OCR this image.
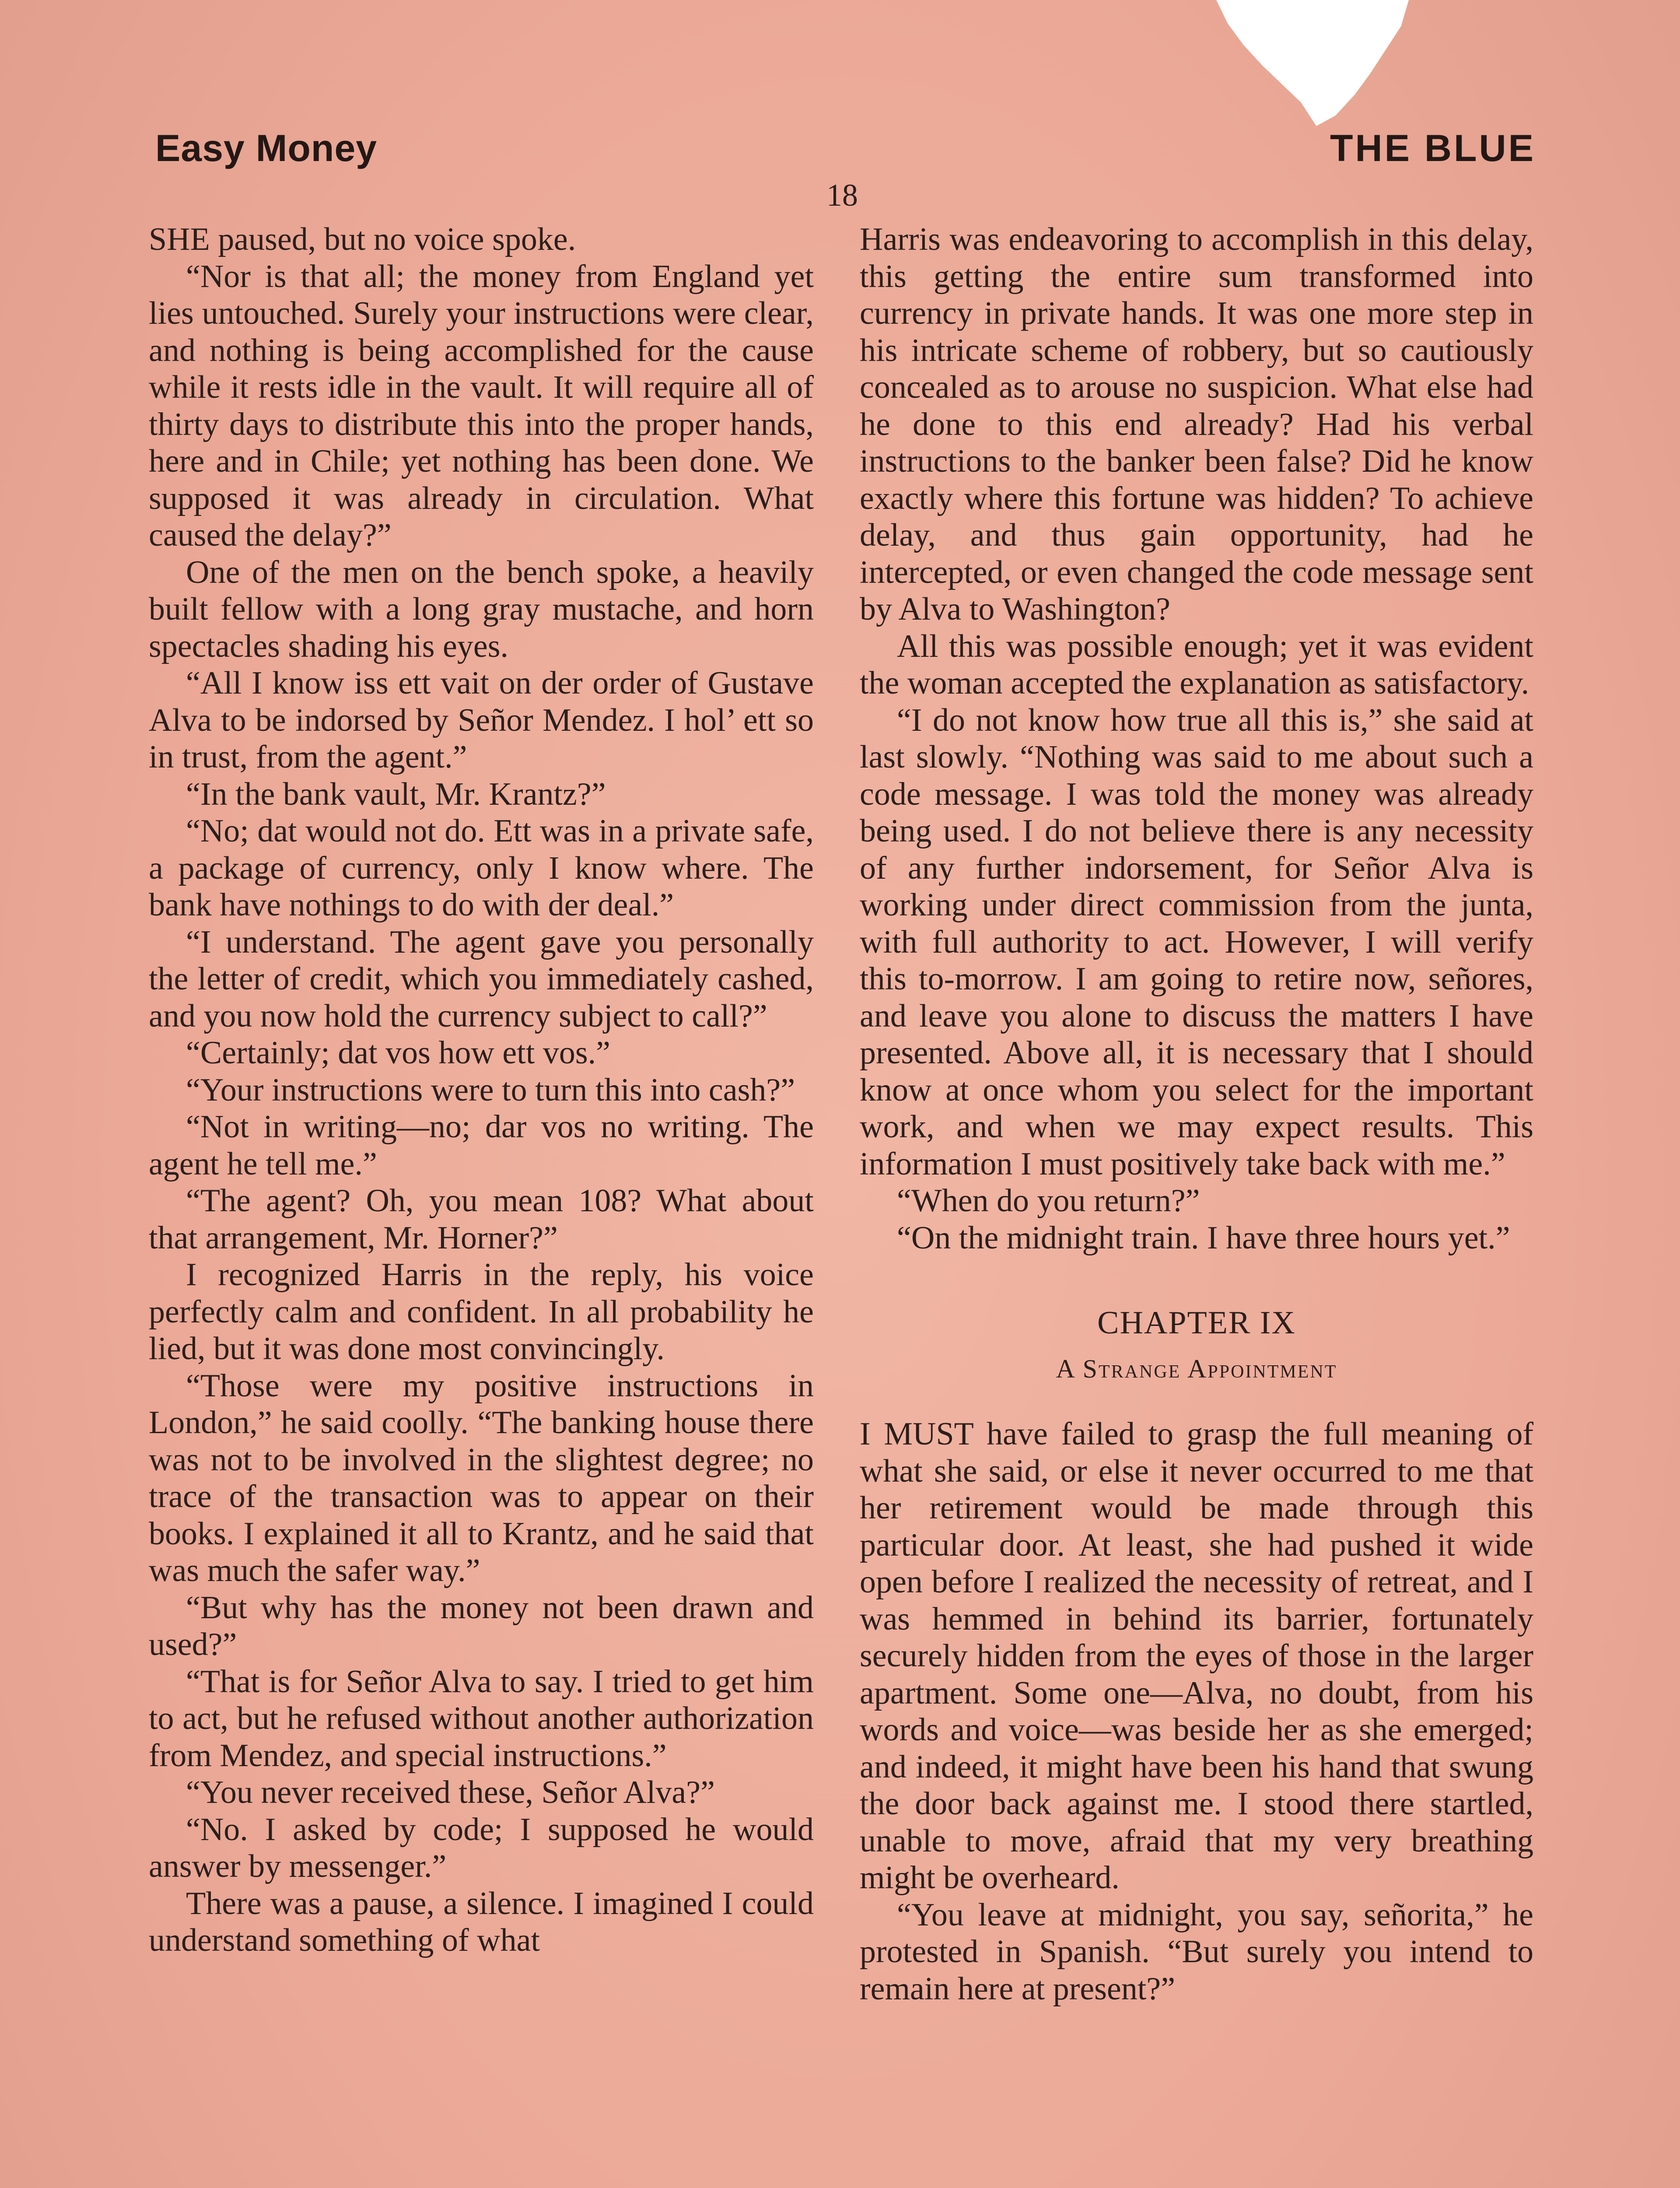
Easy Money	THE BLUE
18

SHE paused, but no voice spoke.

“Nor is that all; the money from England yet lies untouched. Surely your instructions were clear, and nothing is being accomplished for the cause while it rests idle in the vault. It will require all of thirty days to distribute this into the proper hands, here and in Chile; yet nothing has been done. We supposed it was already in circulation. What caused the delay?”

One of the men on the bench spoke, a heavily built fellow with a long gray mustache, and horn spectacles shading his eyes.

“All I know iss ett vait on der order of Gustave Alva to be indorsed by Señor Mendez. I hol’ ett so in trust, from the agent.”

“In the bank vault, Mr. Krantz?”

“No; dat would not do. Ett was in a private safe, a package of currency, only I know where. The bank have nothings to do with der deal.”

“I understand. The agent gave you personally the letter of credit, which you immediately cashed, and you now hold the currency subject to call?”

“Certainly; dat vos how ett vos.”

“Your instructions were to turn this into cash?”

“Not in writing—no; dar vos no writing. The agent he tell me.”

“The agent? Oh, you mean 108? What about that arrangement, Mr. Horner?”

I recognized Harris in the reply, his voice perfectly calm and confident. In all probability he lied, but it was done most convincingly.

“Those were my positive instructions in London,” he said coolly. “The banking house there was not to be involved in the slightest degree; no trace of the transaction was to appear on their books. I explained it all to Krantz, and he said that was much the safer way.”

“But why has the money not been drawn and used?”

“That is for Señor Alva to say. I tried to get him to act, but he refused without another authorization from Mendez, and special instructions.”

“You never received these, Señor Alva?”

“No. I asked by code; I supposed he would answer by messenger.”

There was a pause, a silence. I imagined I could understand something of what

Harris was endeavoring to accomplish in this delay, this getting the entire sum transformed into currency in private hands. It was one more step in his intricate scheme of robbery, but so cautiously concealed as to arouse no suspicion. What else had he done to this end already? Had his verbal instructions to the banker been false? Did he know exactly where this fortune was hidden? To achieve delay, and thus gain opportunity, had he intercepted, or even changed the code message sent by Alva to Washington?

All this was possible enough; yet it was evident the woman accepted the explanation as satisfactory.

“I do not know how true all this is,” she said at last slowly. “Nothing was said to me about such a code message. I was told the money was already being used. I do not believe there is any necessity of any further indorsement, for Señor Alva is working under direct commission from the junta, with full authority to act. However, I will verify this to-morrow. I am going to retire now, señores, and leave you alone to discuss the matters I have presented. Above all, it is necessary that I should know at once whom you select for the important work, and when we may expect results. This information I must positively take back with me.”

“When do you return?”

“On the midnight train. I have three hours yet.”

CHAPTER IX
A Strange Appointment

I MUST have failed to grasp the full meaning of what she said, or else it never occurred to me that her retirement would be made through this particular door. At least, she had pushed it wide open before I realized the necessity of retreat, and I was hemmed in behind its barrier, fortunately securely hidden from the eyes of those in the larger apartment. Some one—Alva, no doubt, from his words and voice—was beside her as she emerged; and indeed, it might have been his hand that swung the door back against me. I stood there startled, unable to move, afraid that my very breathing might be overheard.

“You leave at midnight, you say, señorita,” he protested in Spanish. “But surely you intend to remain here at present?”
